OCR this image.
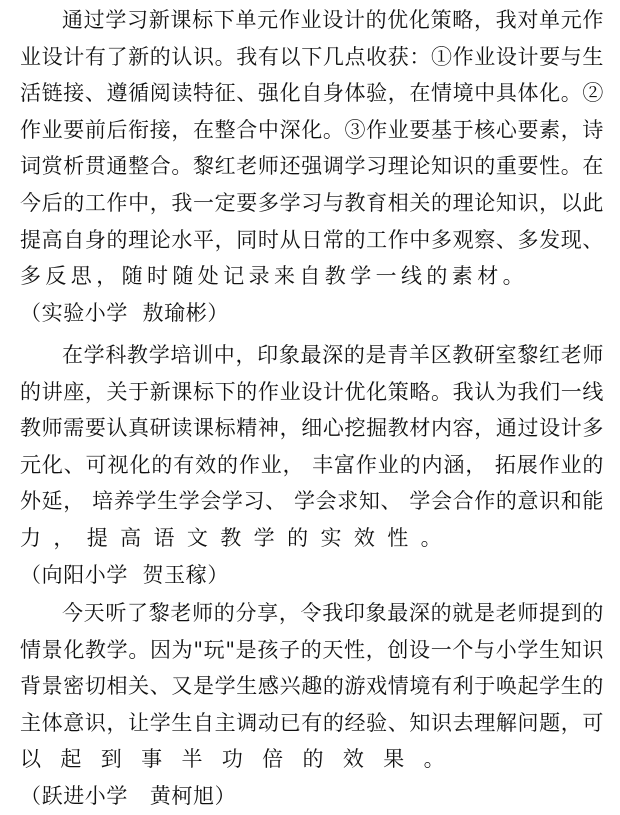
通过学习新课标下单元作业设计的优化策略，我对单元作业设计有了新的认识。我有以下几点收获：①作业设计要与生活链接、遵循阅读特征、强化自身体验，在情境中具体化。②作业要前后衔接，在整合中深化。③作业要基于核心要素，诗词赏析贯通整合。黎红老师还强调学习理论知识的重要性。在今后的工作中，我一定要多学习与教育相关的理论知识，以此提高自身的理论水平，同时从日常的工作中多观察、多发现、多反思，随时随处记录来自教学一线的素材。（实验小学  敖瑜彬）

在学科教学培训中，印象最深的是青羊区教研室黎红老师的讲座，关于新课标下的作业设计优化策略。我认为我们一线教师需要认真研读课标精神，细心挖掘教材内容，通过设计多元化、可视化的有效的作业， 丰富作业的内涵， 拓展作业的外延， 培养学生学会学习、 学会求知、 学会合作的意识和能力，提高语文教学的实效性。（向阳小学  贺玉稼）

今天听了黎老师的分享，令我印象最深的就是老师提到的情景化教学。因为"玩"是孩子的天性，创设一个与小学生知识背景密切相关、又是学生感兴趣的游戏情境有利于唤起学生的主体意识，让学生自主调动已有的经验、知识去理解问题，可以起到事半功倍的效果。（跃进小学   黄柯旭）
